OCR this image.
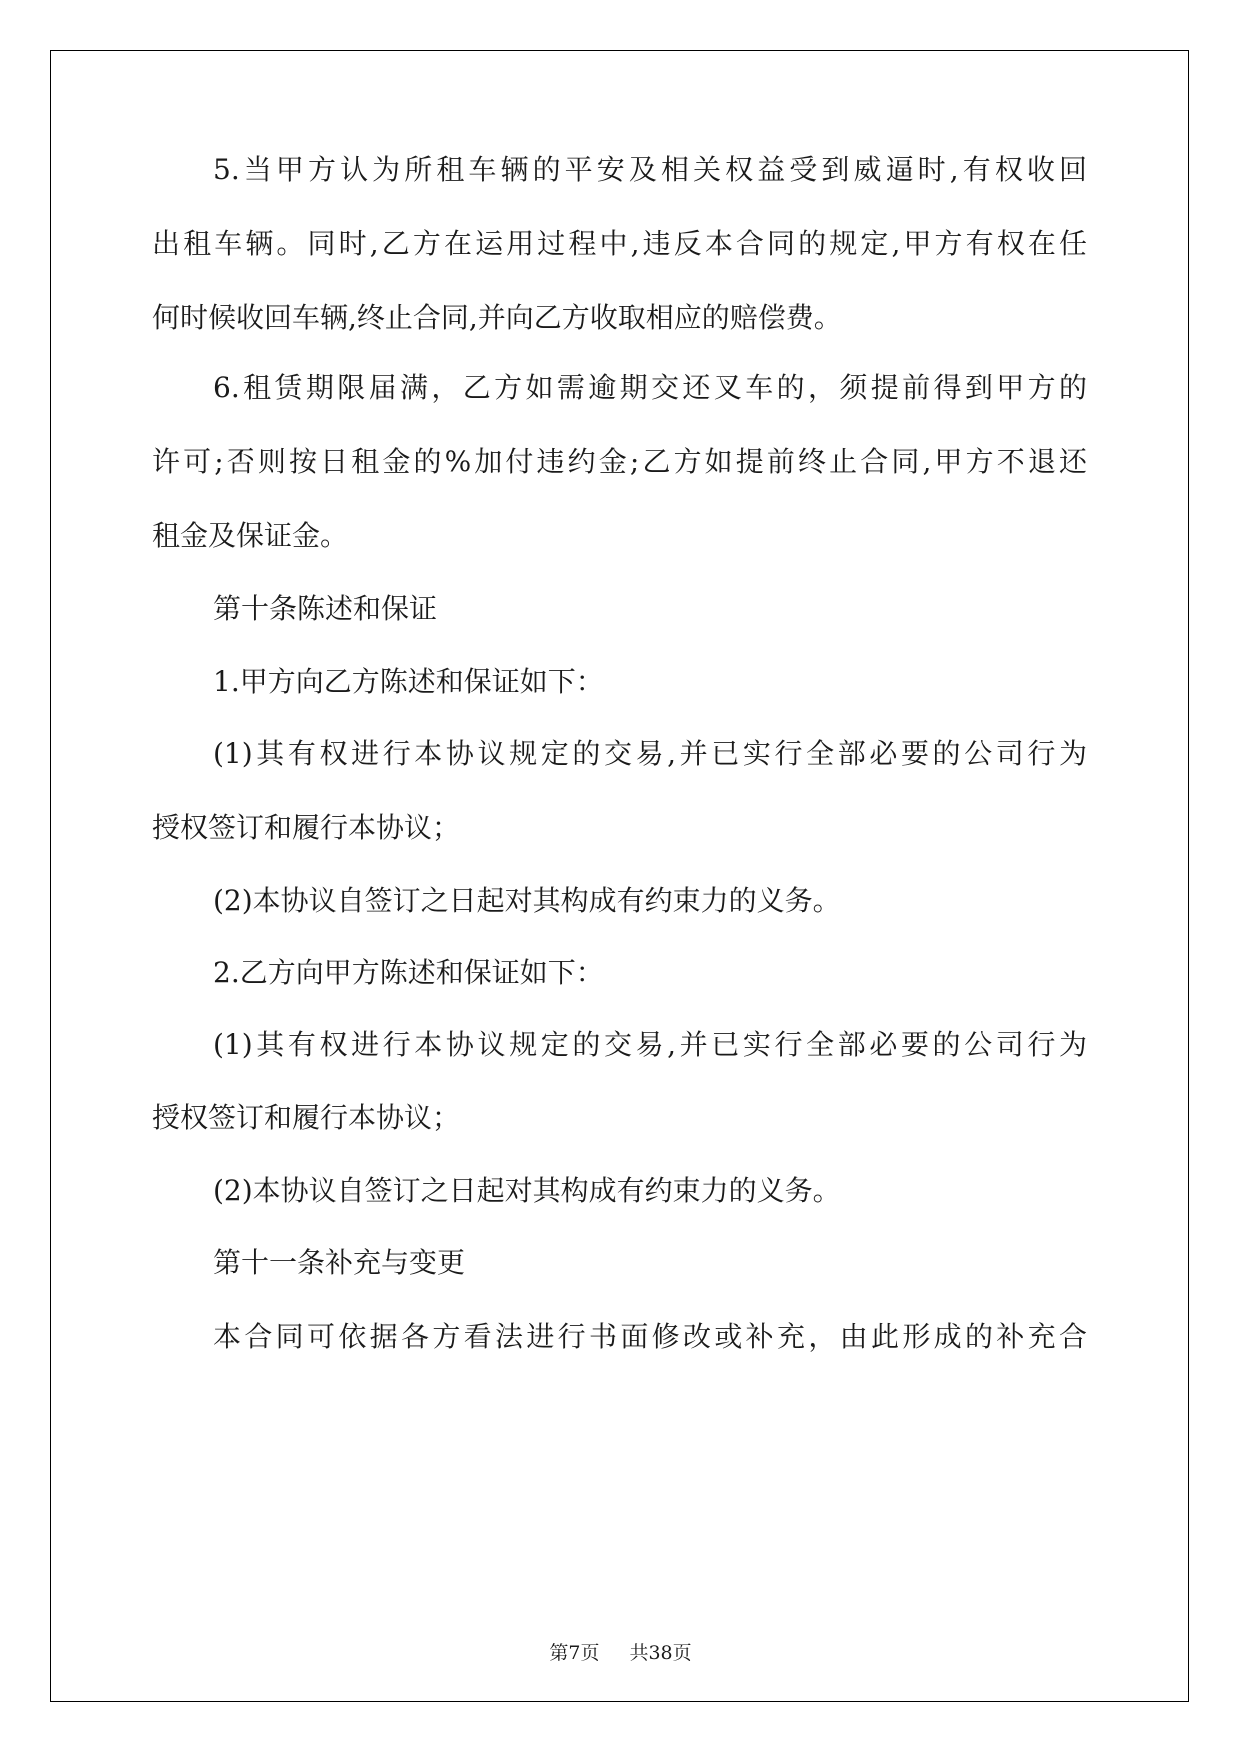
5.当甲方认为所租车辆的平安及相关权益受到威逼时,有权收回

出租车辆。同时,乙方在运用过程中,违反本合同的规定,甲方有权在任

何时候收回车辆,终止合同,并向乙方收取相应的赔偿费。

6.租赁期限届满，乙方如需逾期交还叉车的，须提前得到甲方的

许可;否则按日租金的%加付违约金;乙方如提前终止合同,甲方不退还

租金及保证金。

第十条陈述和保证

1.甲方向乙方陈述和保证如下：

(1)其有权进行本协议规定的交易,并已实行全部必要的公司行为

授权签订和履行本协议；

(2)本协议自签订之日起对其构成有约束力的义务。

2.乙方向甲方陈述和保证如下：

(1)其有权进行本协议规定的交易,并已实行全部必要的公司行为

授权签订和履行本协议；

(2)本协议自签订之日起对其构成有约束力的义务。

第十一条补充与变更

本合同可依据各方看法进行书面修改或补充，由此形成的补充合

第7页 共38页
